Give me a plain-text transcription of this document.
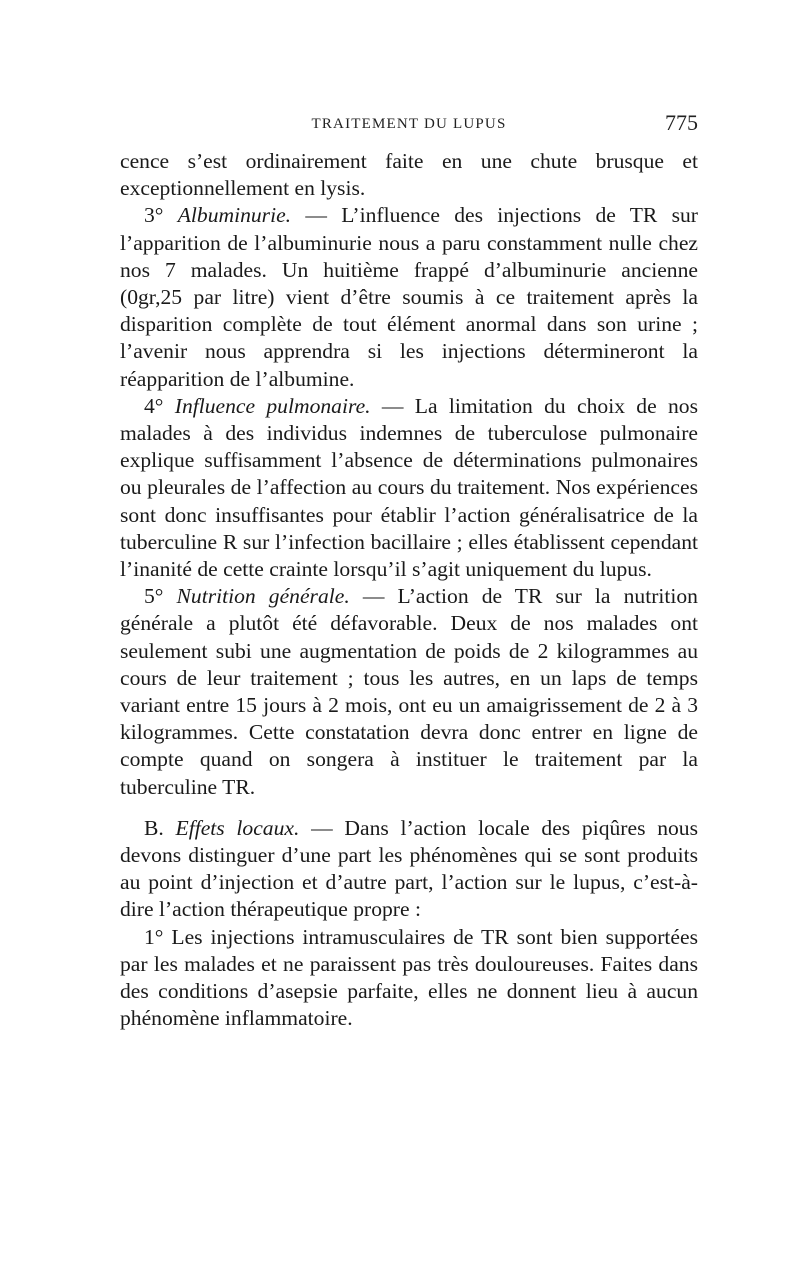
TRAITEMENT DU LUPUS	775

cence s’est ordinairement faite en une chute brusque et exceptionnellement en lysis.

3° Albuminurie. — L’influence des injections de TR sur l’apparition de l’albuminurie nous a paru constamment nulle chez nos 7 malades. Un huitième frappé d’albuminurie ancienne (0gr,25 par litre) vient d’être soumis à ce traitement après la disparition complète de tout élément anormal dans son urine ; l’avenir nous apprendra si les injections détermineront la réapparition de l’albumine.

4° Influence pulmonaire. — La limitation du choix de nos malades à des individus indemnes de tuberculose pulmonaire explique suffisamment l’absence de déterminations pulmonaires ou pleurales de l’affection au cours du traitement. Nos expériences sont donc insuffisantes pour établir l’action généralisatrice de la tuberculine R sur l’infection bacillaire ; elles établissent cependant l’inanité de cette crainte lorsqu’il s’agit uniquement du lupus.

5° Nutrition générale. — L’action de TR sur la nutrition générale a plutôt été défavorable. Deux de nos malades ont seulement subi une augmentation de poids de 2 kilogrammes au cours de leur traitement ; tous les autres, en un laps de temps variant entre 15 jours à 2 mois, ont eu un amaigrissement de 2 à 3 kilogrammes. Cette constatation devra donc entrer en ligne de compte quand on songera à instituer le traitement par la tuberculine TR.

B. Effets locaux. — Dans l’action locale des piqûres nous devons distinguer d’une part les phénomènes qui se sont produits au point d’injection et d’autre part, l’action sur le lupus, c’est-à-dire l’action thérapeutique propre :

1° Les injections intramusculaires de TR sont bien supportées par les malades et ne paraissent pas très douloureuses. Faites dans des conditions d’asepsie parfaite, elles ne donnent lieu à aucun phénomène inflammatoire.
